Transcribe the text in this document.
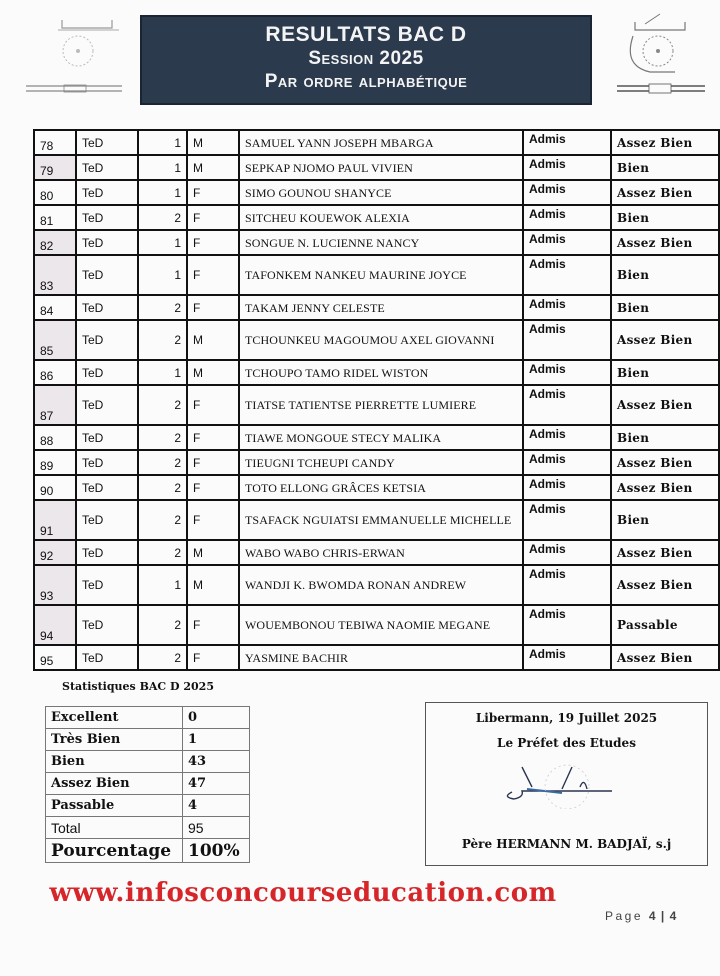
RESULTATS BAC D
Session 2025
Par ordre alphabétique
78	TeD	1	M	SAMUEL YANN JOSEPH MBARGA	Admis	Assez Bien
79	TeD	1	M	SEPKAP NJOMO PAUL VIVIEN	Admis	Bien
80	TeD	1	F	SIMO GOUNOU SHANYCE	Admis	Assez Bien
81	TeD	2	F	SITCHEU KOUEWOK ALEXIA	Admis	Bien
82	TeD	1	F	SONGUE N. LUCIENNE NANCY	Admis	Assez Bien
83	TeD	1	F	TAFONKEM NANKEU MAURINE JOYCE	Admis	Bien
84	TeD	2	F	TAKAM JENNY CELESTE	Admis	Bien
85	TeD	2	M	TCHOUNKEU MAGOUMOU AXEL GIOVANNI	Admis	Assez Bien
86	TeD	1	M	TCHOUPO TAMO RIDEL WISTON	Admis	Bien
87	TeD	2	F	TIATSE TATIENTSE PIERRETTE LUMIERE	Admis	Assez Bien
88	TeD	2	F	TIAWE MONGOUE STECY MALIKA	Admis	Bien
89	TeD	2	F	TIEUGNI TCHEUPI CANDY	Admis	Assez Bien
90	TeD	2	F	TOTO ELLONG GRÂCES KETSIA	Admis	Assez Bien
91	TeD	2	F	TSAFACK NGUIATSI EMMANUELLE MICHELLE	Admis	Bien
92	TeD	2	M	WABO WABO CHRIS-ERWAN	Admis	Assez Bien
93	TeD	1	M	WANDJI K. BWOMDA RONAN ANDREW	Admis	Assez Bien
94	TeD	2	F	WOUEMBONOU TEBIWA NAOMIE MEGANE	Admis	Passable
95	TeD	2	F	YASMINE BACHIR	Admis	Assez Bien
Statistiques BAC D 2025
Excellent	0
Très Bien	1
Bien	43
Assez Bien	47
Passable	4
Total	95
Pourcentage	100%
Libermann, 19 Juillet 2025
Le Préfet des Etudes
Père HERMANN M. BADJAÏ, s.j
www.infosconcourseducation.com
Page 4 | 4
